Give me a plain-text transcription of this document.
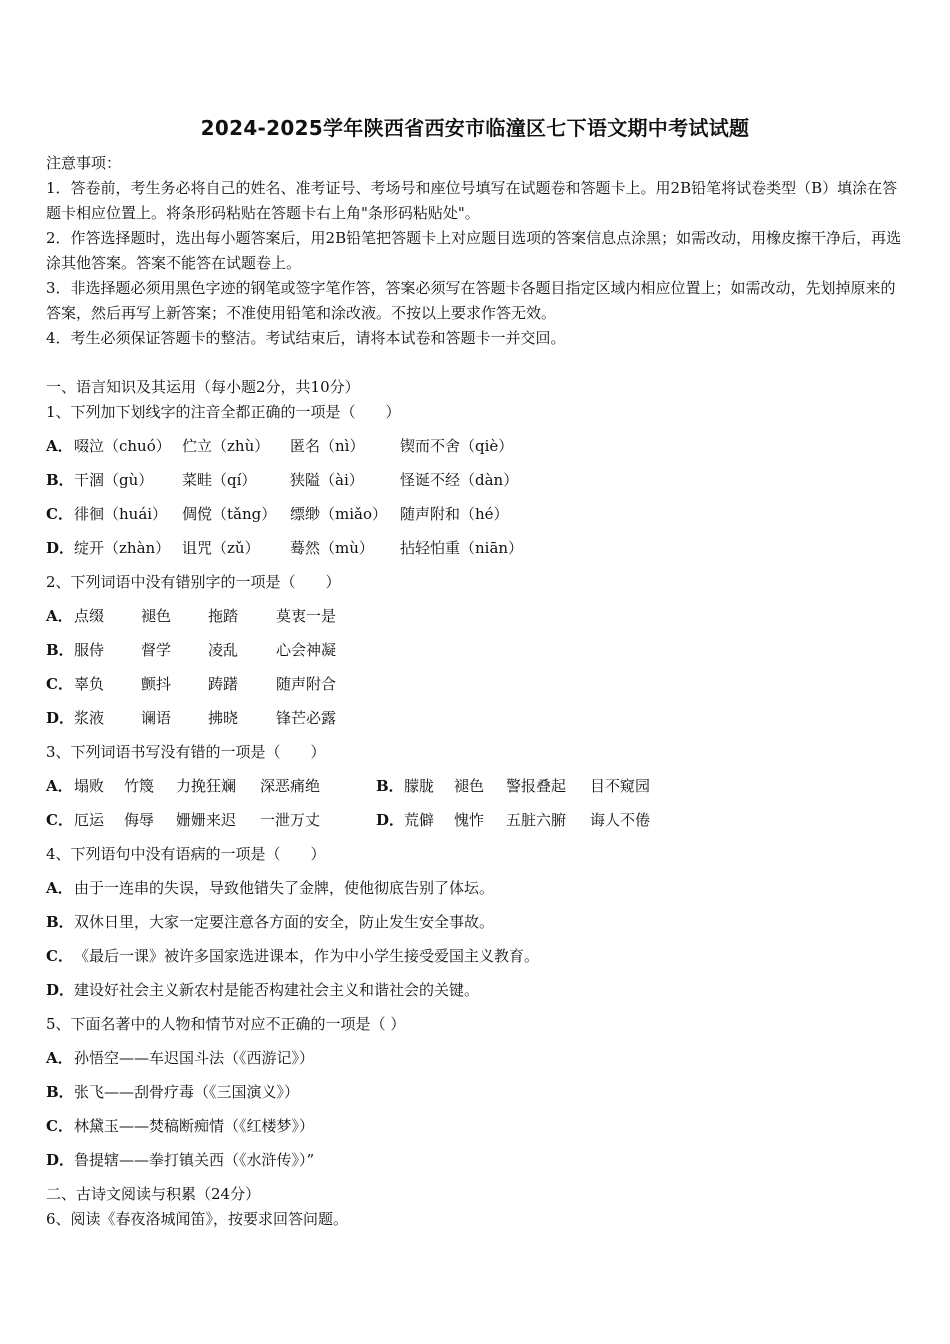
2024-2025学年陕西省西安市临潼区七下语文期中考试试题
注意事项：

1．答卷前，考生务必将自己的姓名、准考证号、考场号和座位号填写在试题卷和答题卡上。用2B铅笔将试卷类型（B）填涂在答题卡相应位置上。将条形码粘贴在答题卡右上角"条形码粘贴处"。

2．作答选择题时，选出每小题答案后，用2B铅笔把答题卡上对应题目选项的答案信息点涂黑；如需改动，用橡皮擦干净后，再选涂其他答案。答案不能答在试题卷上。

3．非选择题必须用黑色字迹的钢笔或签字笔作答，答案必须写在答题卡各题目指定区域内相应位置上；如需改动，先划掉原来的答案，然后再写上新答案；不准使用铅笔和涂改液。不按以上要求作答无效。

4．考生必须保证答题卡的整洁。考试结束后，请将本试卷和答题卡一并交回。

一、语言知识及其运用（每小题2分，共10分）
1、下列加下划线字的注音全都正确的一项是（　　）
A．啜泣（chuó） 伫立（zhù） 匿名（nì） 锲而不舍（qiè）
B．干涸（gù） 菜畦（qí） 狭隘（ài） 怪诞不经（dàn）
C．徘徊（huái） 倜傥（tǎng） 缥缈（miǎo） 随声附和（hé）
D．绽开（zhàn） 诅咒（zǔ） 蓦然（mù） 拈轻怕重（niān）
2、下列词语中没有错别字的一项是（　　）
A．点缀 褪色 拖踏	莫衷一是
B．服侍 督学 凌乱	心会神凝
C．辜负 颤抖 踌躇	随声附合
D．浆液 谰语 拂晓	锋芒必露
3、下列词语书写没有错的一项是（　　）
A．塌败 竹篾 力挽狂斓 深恶痛绝	B．朦胧 褪色 警报叠起 目不窥园
C．厄运 侮辱 姗姗来迟 一泄万丈	D．荒僻 愧怍 五脏六腑 诲人不倦
4、下列语句中没有语病的一项是（　　）
A．由于一连串的失误，导致他错失了金牌，使他彻底告别了体坛。
B．双休日里，大家一定要注意各方面的安全，防止发生安全事故。
C．《最后一课》被许多国家选进课本，作为中小学生接受爱国主义教育。
D．建设好社会主义新农村是能否构建社会主义和谐社会的关键。
5、下面名著中的人物和情节对应不正确的一项是（ ）
A．孙悟空——车迟国斗法（《西游记》）
B．张飞——刮骨疗毒（《三国演义》）
C．林黛玉——焚稿断痴情（《红楼梦》）
D．鲁提辖——拳打镇关西（《水浒传》）”
二、古诗文阅读与积累（24分）
6、阅读《春夜洛城闻笛》，按要求回答问题。
